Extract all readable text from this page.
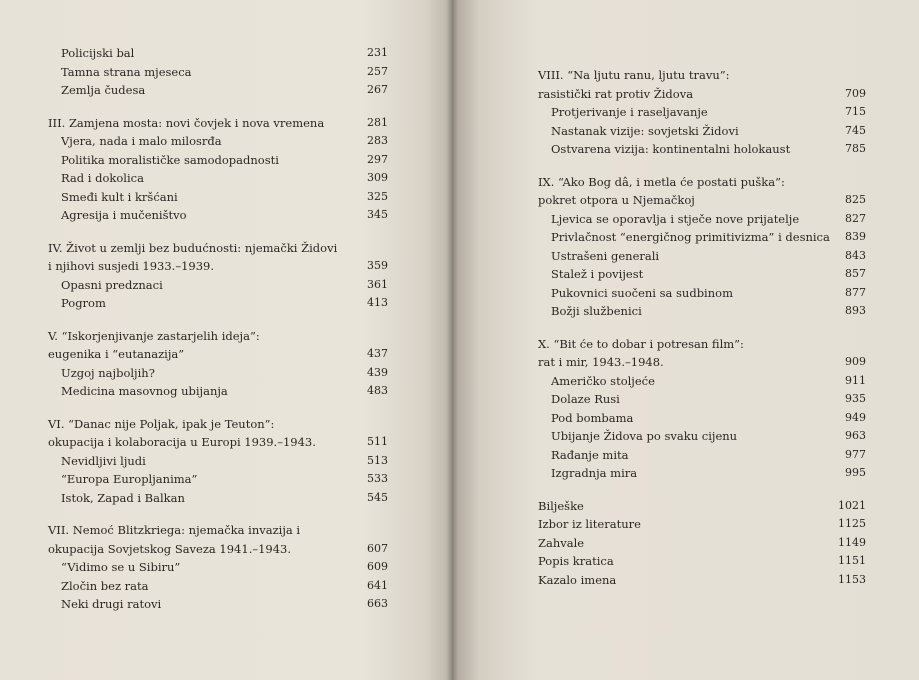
Policijski bal	231
Tamna strana mjeseca	257
Zemlja čudesa	267
III. Zamjena mosta: novi čovjek i nova vremena	281
Vjera, nada i malo milosrđa	283
Politika moralističke samodopadnosti	297
Rad i dokolica	309
Smeđi kult i kršćani	325
Agresija i mučeništvo	345
IV. Život u zemlji bez budućnosti: njemački Židovi
i njihovi susjedi 1933.–1939.	359
Opasni predznaci	361
Pogrom	413
V. “Iskorjenjivanje zastarjelih ideja”:
eugenika i “eutanazija”	437
Uzgoj najboljih?	439
Medicina masovnog ubijanja	483
VI. “Danac nije Poljak, ipak je Teuton”:
okupacija i kolaboracija u Europi 1939.–1943.	511
Nevidljivi ljudi	513
“Europa Europljanima”	533
Istok, Zapad i Balkan	545
VII. Nemoć Blitzkriega: njemačka invazija i
okupacija Sovjetskog Saveza 1941.–1943.	607
“Vidimo se u Sibiru”	609
Zločin bez rata	641
Neki drugi ratovi	663
VIII. “Na ljutu ranu, ljutu travu”:
rasistički rat protiv Židova	709
Protjerivanje i raseljavanje	715
Nastanak vizije: sovjetski Židovi	745
Ostvarena vizija: kontinentalni holokaust	785
IX. “Ako Bog dâ, i metla će postati puška”:
pokret otpora u Njemačkoj	825
Ljevica se oporavlja i stječe nove prijatelje	827
Privlačnost “energičnog primitivizma” i desnica 839
Ustrašeni generali	843
Stalež i povijest	857
Pukovnici suočeni sa sudbinom	877
Božji službenici	893
X. “Bit će to dobar i potresan film”:
rat i mir, 1943.–1948.	909
Američko stoljeće	911
Dolaze Rusi	935
Pod bombama	949
Ubijanje Židova po svaku cijenu	963
Rađanje mita	977
Izgradnja mira	995
Bilješke	1021
Izbor iz literature	1125
Zahvale	1149
Popis kratica	1151
Kazalo imena	1153
